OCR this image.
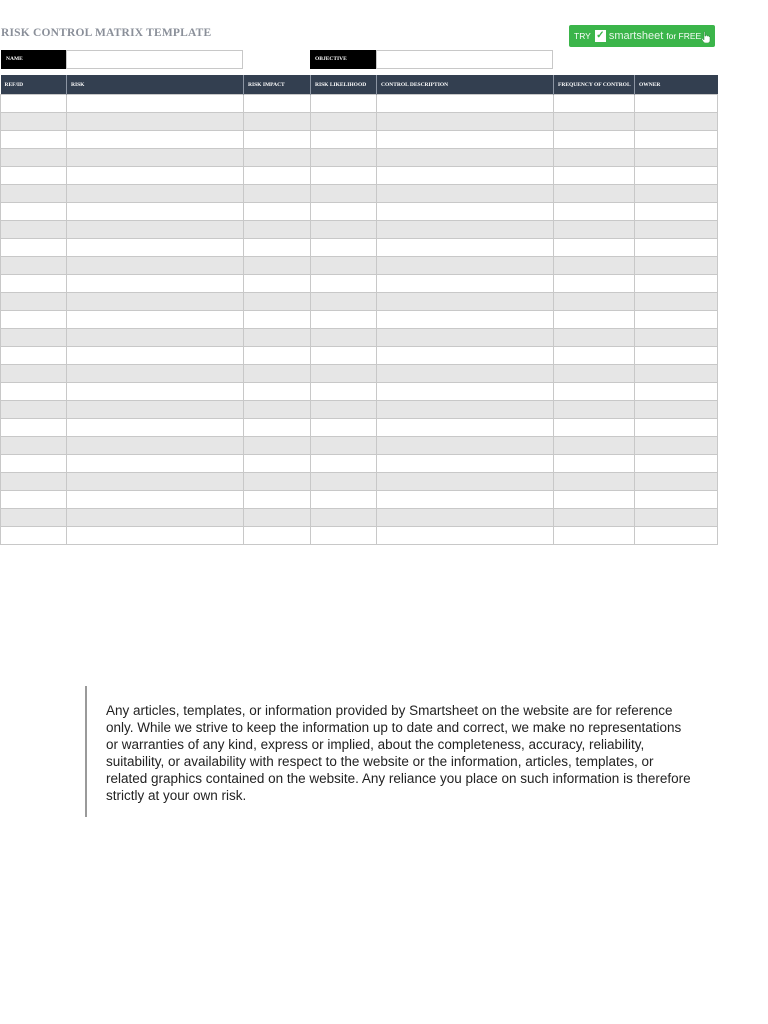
RISK CONTROL MATRIX TEMPLATE	TRY ✓ smartsheet for FREE
NAME	OBJECTIVE
REF/ID	RISK	RISK IMPACT	RISK LIKELIHOOD	CONTROL DESCRIPTION	FREQUENCY OF CONTROL	OWNER

Any articles, templates, or information provided by Smartsheet on the website are for reference only. While we strive to keep the information up to date and correct, we make no representations or warranties of any kind, express or implied, about the completeness, accuracy, reliability, suitability, or availability with respect to the website or the information, articles, templates, or related graphics contained on the website. Any reliance you place on such information is therefore strictly at your own risk.
